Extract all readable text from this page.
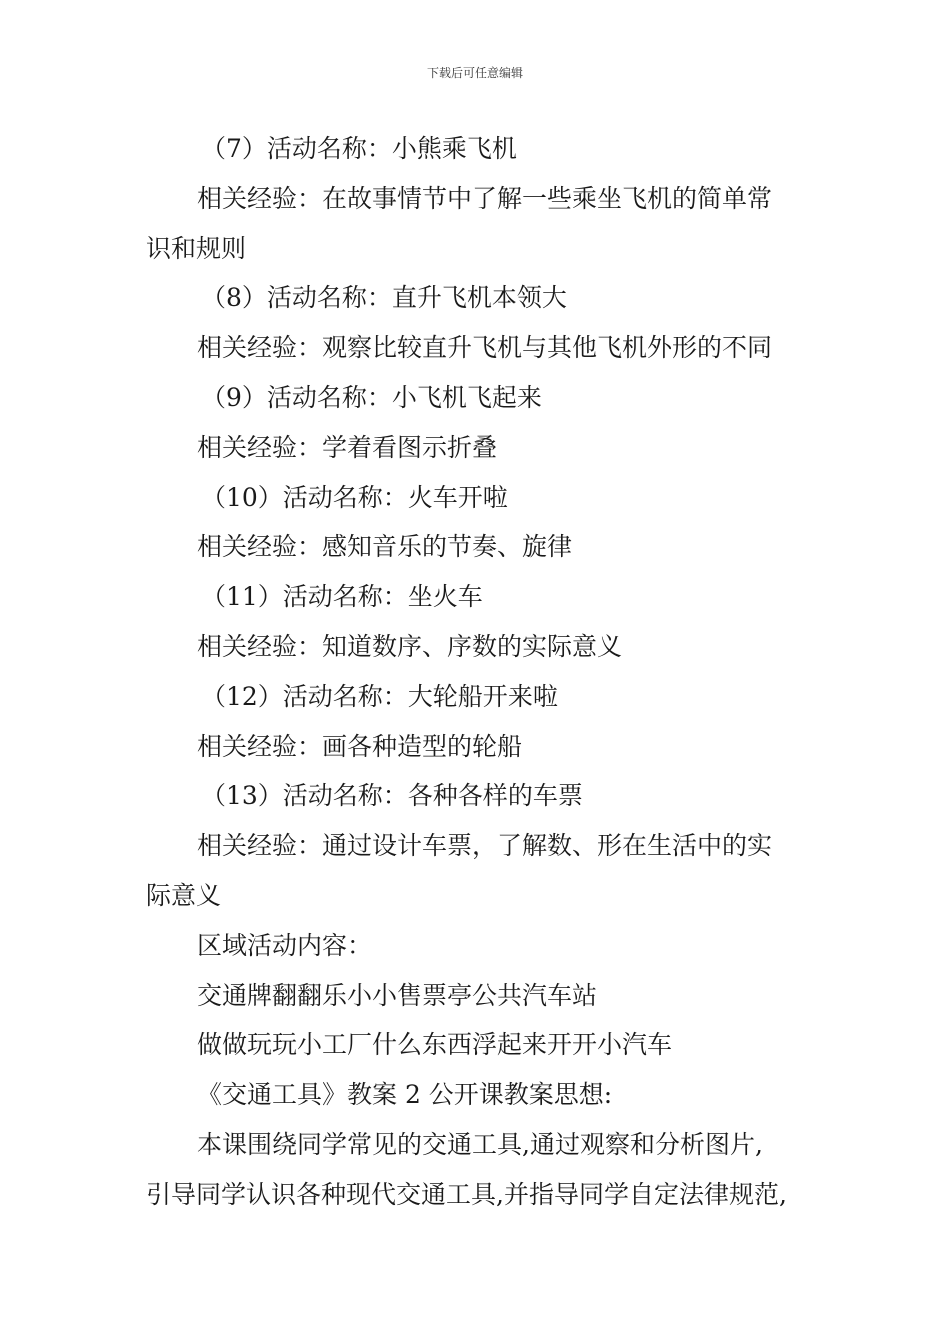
下载后可任意编辑
（7）活动名称：小熊乘飞机
相关经验：在故事情节中了解一些乘坐飞机的简单常
识和规则
（8）活动名称：直升飞机本领大
相关经验：观察比较直升飞机与其他飞机外形的不同
（9）活动名称：小飞机飞起来
相关经验：学着看图示折叠
（10）活动名称：火车开啦
相关经验：感知音乐的节奏、旋律
（11）活动名称：坐火车
相关经验：知道数序、序数的实际意义
（12）活动名称：大轮船开来啦
相关经验：画各种造型的轮船
（13）活动名称：各种各样的车票
相关经验：通过设计车票，了解数、形在生活中的实
际意义
区域活动内容：
交通牌翻翻乐小小售票亭公共汽车站
做做玩玩小工厂什么东西浮起来开开小汽车
《交通工具》教案 2 公开课教案思想:
本课围绕同学常见的交通工具,通过观察和分析图片,
引导同学认识各种现代交通工具,并指导同学自定法律规范,
